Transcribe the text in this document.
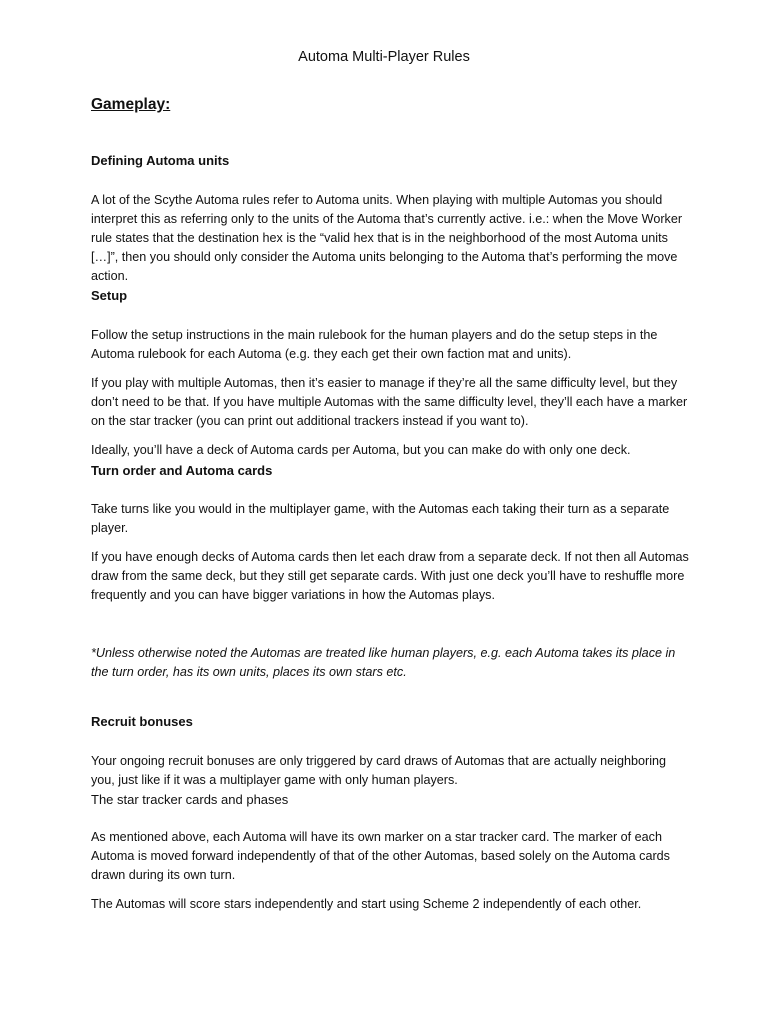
Automa Multi-Player Rules
Gameplay:
Defining Automa units

A lot of the Scythe Automa rules refer to Automa units. When playing with multiple Automas you should interpret this as referring only to the units of the Automa that’s currently active. i.e.: when the Move Worker rule states that the destination hex is the “valid hex that is in the neighborhood of the most Automa units […]”, then you should only consider the Automa units belonging to the Automa that’s performing the move action.

Setup

Follow the setup instructions in the main rulebook for the human players and do the setup steps in the Automa rulebook for each Automa (e.g. they each get their own faction mat and units).

If you play with multiple Automas, then it’s easier to manage if they’re all the same difficulty level, but they don’t need to be that. If you have multiple Automas with the same difficulty level, they’ll each have a marker on the star tracker (you can print out additional trackers instead if you want to).

Ideally, you’ll have a deck of Automa cards per Automa, but you can make do with only one deck.

Turn order and Automa cards

Take turns like you would in the multiplayer game, with the Automas each taking their turn as a separate player.

If you have enough decks of Automa cards then let each draw from a separate deck. If not then all Automas draw from the same deck, but they still get separate cards. With just one deck you’ll have to reshuffle more frequently and you can have bigger variations in how the Automas plays.

*Unless otherwise noted the Automas are treated like human players, e.g. each Automa takes its place in the turn order, has its own units, places its own stars etc.

Recruit bonuses

Your ongoing recruit bonuses are only triggered by card draws of Automas that are actually neighboring you, just like if it was a multiplayer game with only human players.

The star tracker cards and phases

As mentioned above, each Automa will have its own marker on a star tracker card. The marker of each Automa is moved forward independently of that of the other Automas, based solely on the Automa cards drawn during its own turn.

The Automas will score stars independently and start using Scheme 2 independently of each other.
